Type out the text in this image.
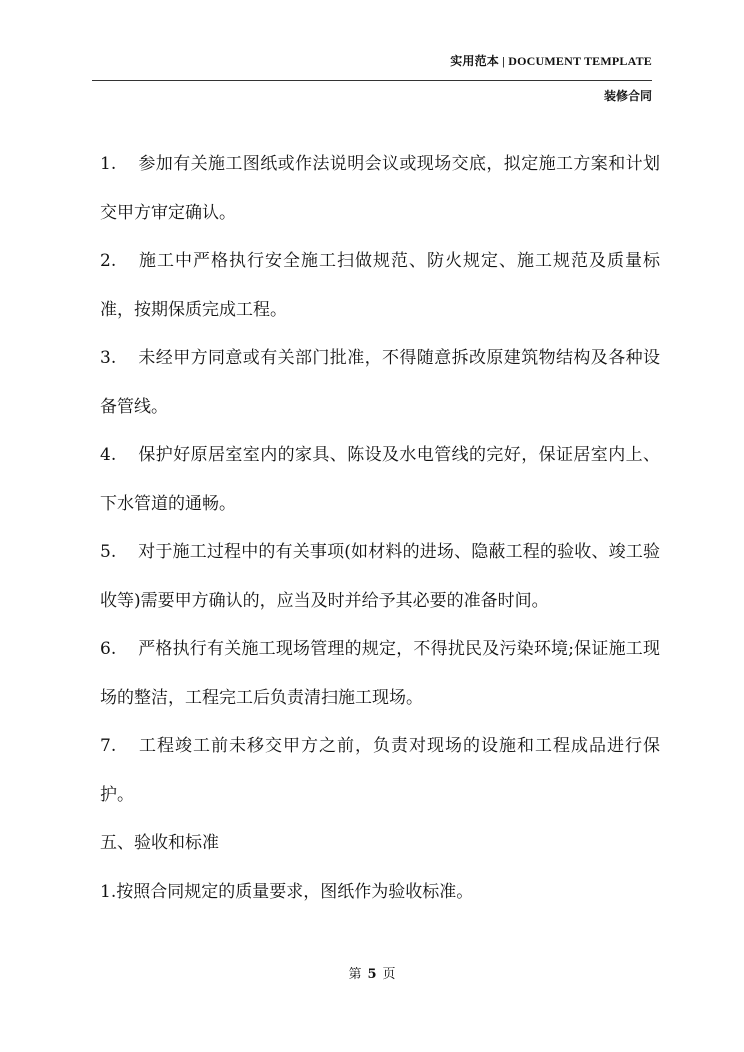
实用范本 | DOCUMENT TEMPLATE
装修合同

1. 参加有关施工图纸或作法说明会议或现场交底，拟定施工方案和计划交甲方审定确认。

2. 施工中严格执行安全施工扫做规范、防火规定、施工规范及质量标准，按期保质完成工程。

3. 未经甲方同意或有关部门批准，不得随意拆改原建筑物结构及各种设备管线。

4. 保护好原居室室内的家具、陈设及水电管线的完好，保证居室内上、下水管道的通畅。

5. 对于施工过程中的有关事项(如材料的进场、隐蔽工程的验收、竣工验收等)需要甲方确认的，应当及时并给予其必要的准备时间。

6. 严格执行有关施工现场管理的规定，不得扰民及污染环境;保证施工现场的整洁，工程完工后负责清扫施工现场。

7. 工程竣工前未移交甲方之前，负责对现场的设施和工程成品进行保护。

五、验收和标准

1.按照合同规定的质量要求，图纸作为验收标准。

第 5 页
